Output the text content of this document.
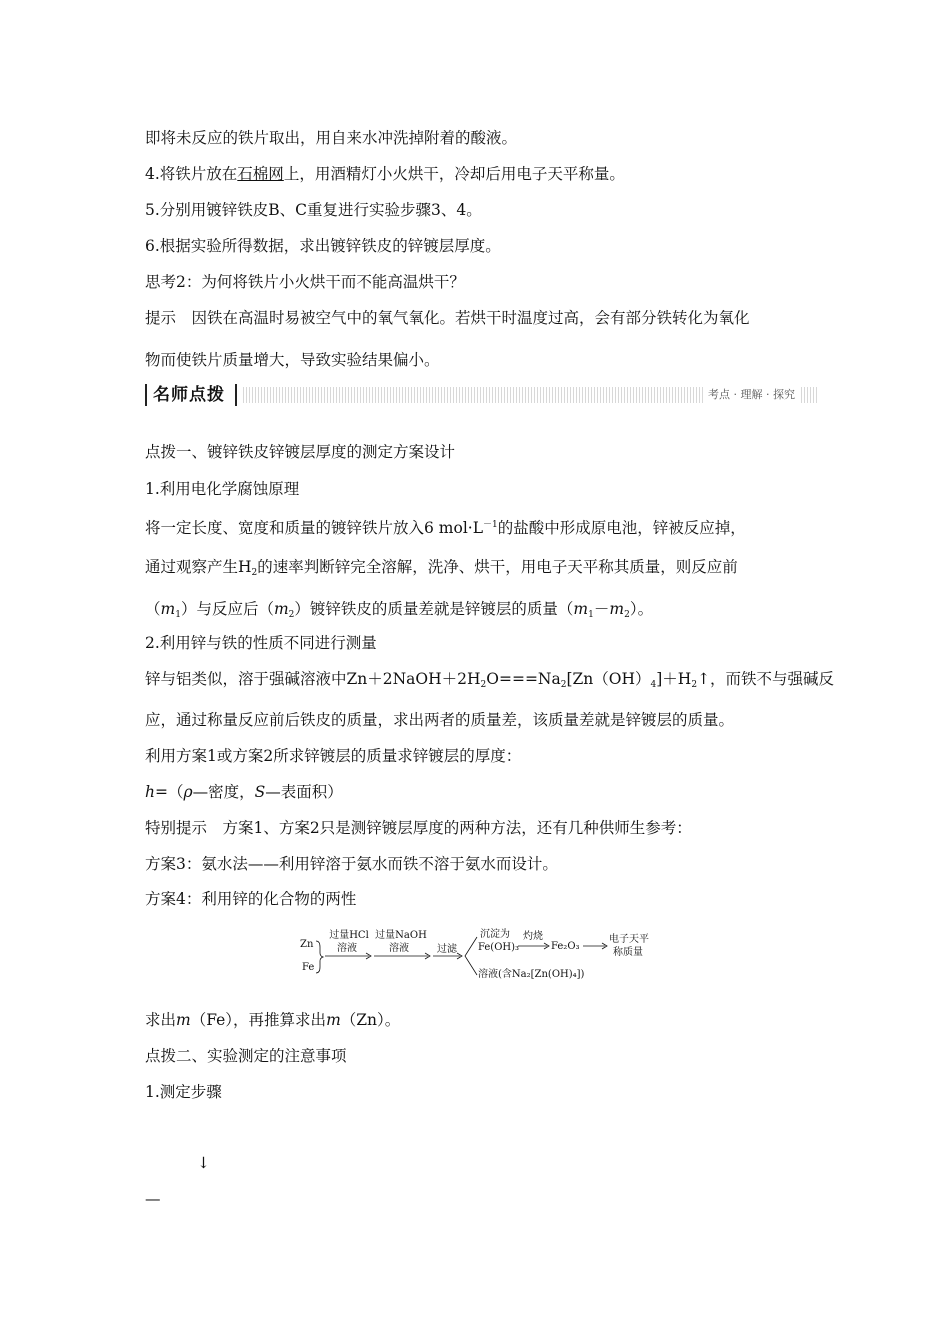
即将未反应的铁片取出，用自来水冲洗掉附着的酸液。
4.将铁片放在石棉网上，用酒精灯小火烘干，冷却后用电子天平称量。
5.分别用镀锌铁皮B、C重复进行实验步骤3、4。
6.根据实验所得数据，求出镀锌铁皮的锌镀层厚度。
思考2：为何将铁片小火烘干而不能高温烘干？
提示　因铁在高温时易被空气中的氧气氧化。若烘干时温度过高，会有部分铁转化为氧化
物而使铁片质量增大，导致实验结果偏小。
名师点拨	考点 · 理解 · 探究
点拨一、镀锌铁皮锌镀层厚度的测定方案设计
1.利用电化学腐蚀原理
将一定长度、宽度和质量的镀锌铁片放入6 $mol\cdot L^{-1}$的盐酸中形成原电池，锌被反应掉，
通过观察产生$H_2$的速率判断锌完全溶解，洗净、烘干，用电子天平称其质量，则反应前
$(m_1)$与反应后$(m_2)$镀锌铁皮的质量差就是锌镀层的质量$(m_1-m_2)$。
2.利用锌与铁的性质不同进行测量
锌与铝类似，溶于强碱溶液中$Zn+2NaOH+2H_2O===Na_2[Zn(OH)_4]+H_2↑$，而铁不与强碱反
应，通过称量反应前后铁皮的质量，求出两者的质量差，该质量差就是锌镀层的质量。
利用方案1或方案2所求锌镀层的质量求锌镀层的厚度：
h=（ρ—密度，S—表面积）
特别提示　方案1、方案2只是测锌镀层厚度的两种方法，还有几种供师生参考：
方案3：氨水法——利用锌溶于氨水而铁不溶于氨水而设计。
方案4：利用锌的化合物的两性
Zn
Fe
过量HCl
溶液
过量NaOH
溶液	过滤
沉淀为
Fe(OH)₃
灼烧
Fe₂O₃
电子天平
称质量
溶液(含Na₂[Zn(OH)₄])
求出m（Fe），再推算求出m（Zn）。
点拨二、实验测定的注意事项
1.测定步骤
↓
—
